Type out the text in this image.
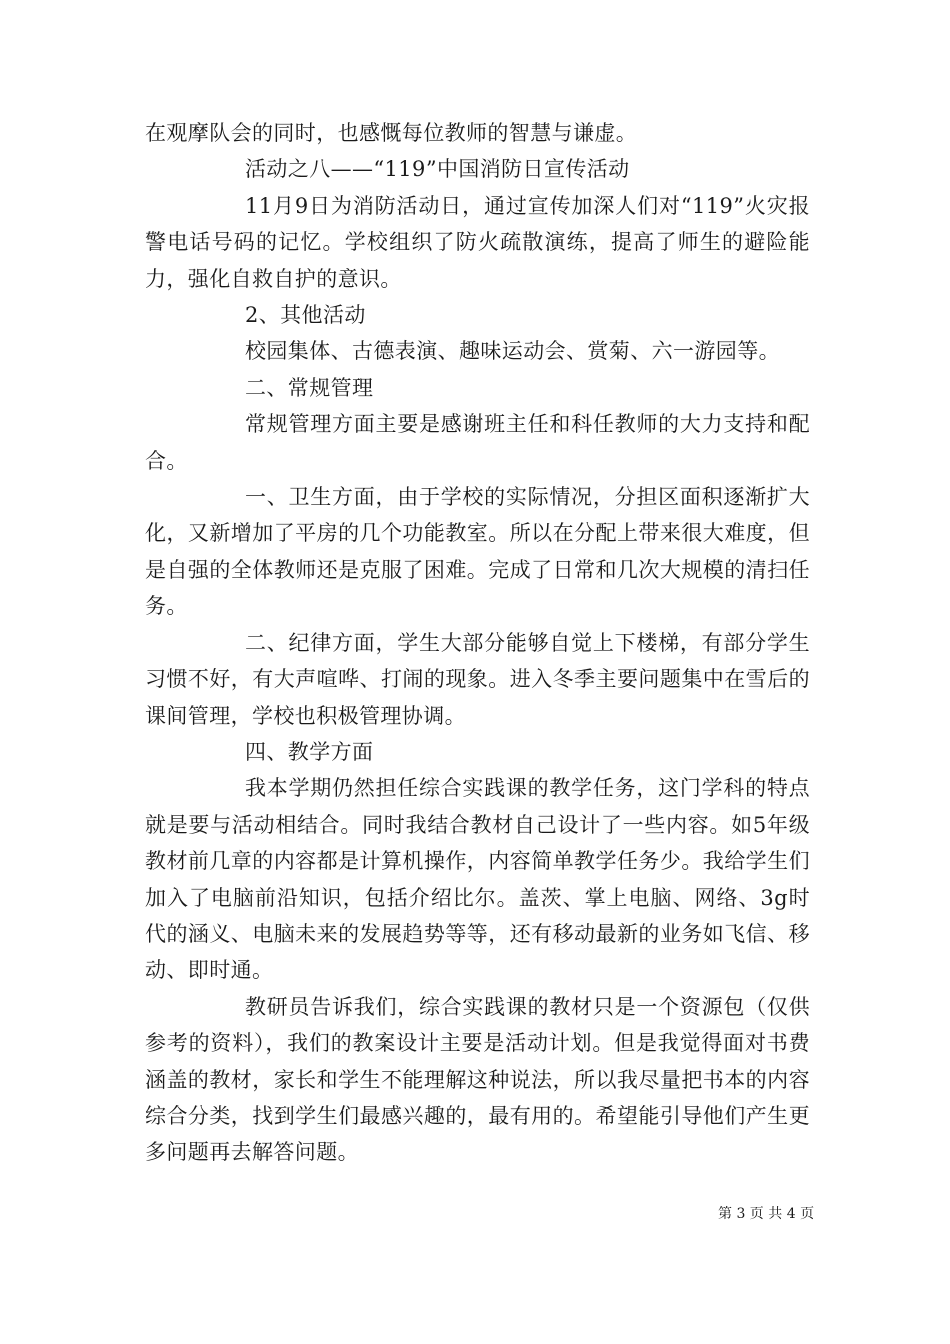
在观摩队会的同时，也感慨每位教师的智慧与谦虚。

活动之八——“119”中国消防日宣传活动

11月9日为消防活动日，通过宣传加深人们对“119”火灾报警电话号码的记忆。学校组织了防火疏散演练，提高了师生的避险能力，强化自救自护的意识。

2、其他活动

校园集体、古德表演、趣味运动会、赏菊、六一游园等。

二、常规管理

常规管理方面主要是感谢班主任和科任教师的大力支持和配合。

一、卫生方面，由于学校的实际情况，分担区面积逐渐扩大化，又新增加了平房的几个功能教室。所以在分配上带来很大难度，但是自强的全体教师还是克服了困难。完成了日常和几次大规模的清扫任务。

二、纪律方面，学生大部分能够自觉上下楼梯，有部分学生习惯不好，有大声喧哗、打闹的现象。进入冬季主要问题集中在雪后的课间管理，学校也积极管理协调。

四、教学方面

我本学期仍然担任综合实践课的教学任务，这门学科的特点就是要与活动相结合。同时我结合教材自己设计了一些内容。如5年级教材前几章的内容都是计算机操作，内容简单教学任务少。我给学生们加入了电脑前沿知识，包括介绍比尔。盖茨、掌上电脑、网络、3g时代的涵义、电脑未来的发展趋势等等，还有移动最新的业务如飞信、移动、即时通。

教研员告诉我们，综合实践课的教材只是一个资源包（仅供参考的资料），我们的教案设计主要是活动计划。但是我觉得面对书费涵盖的教材，家长和学生不能理解这种说法，所以我尽量把书本的内容综合分类，找到学生们最感兴趣的，最有用的。希望能引导他们产生更多问题再去解答问题。

第 3 页 共 4 页
